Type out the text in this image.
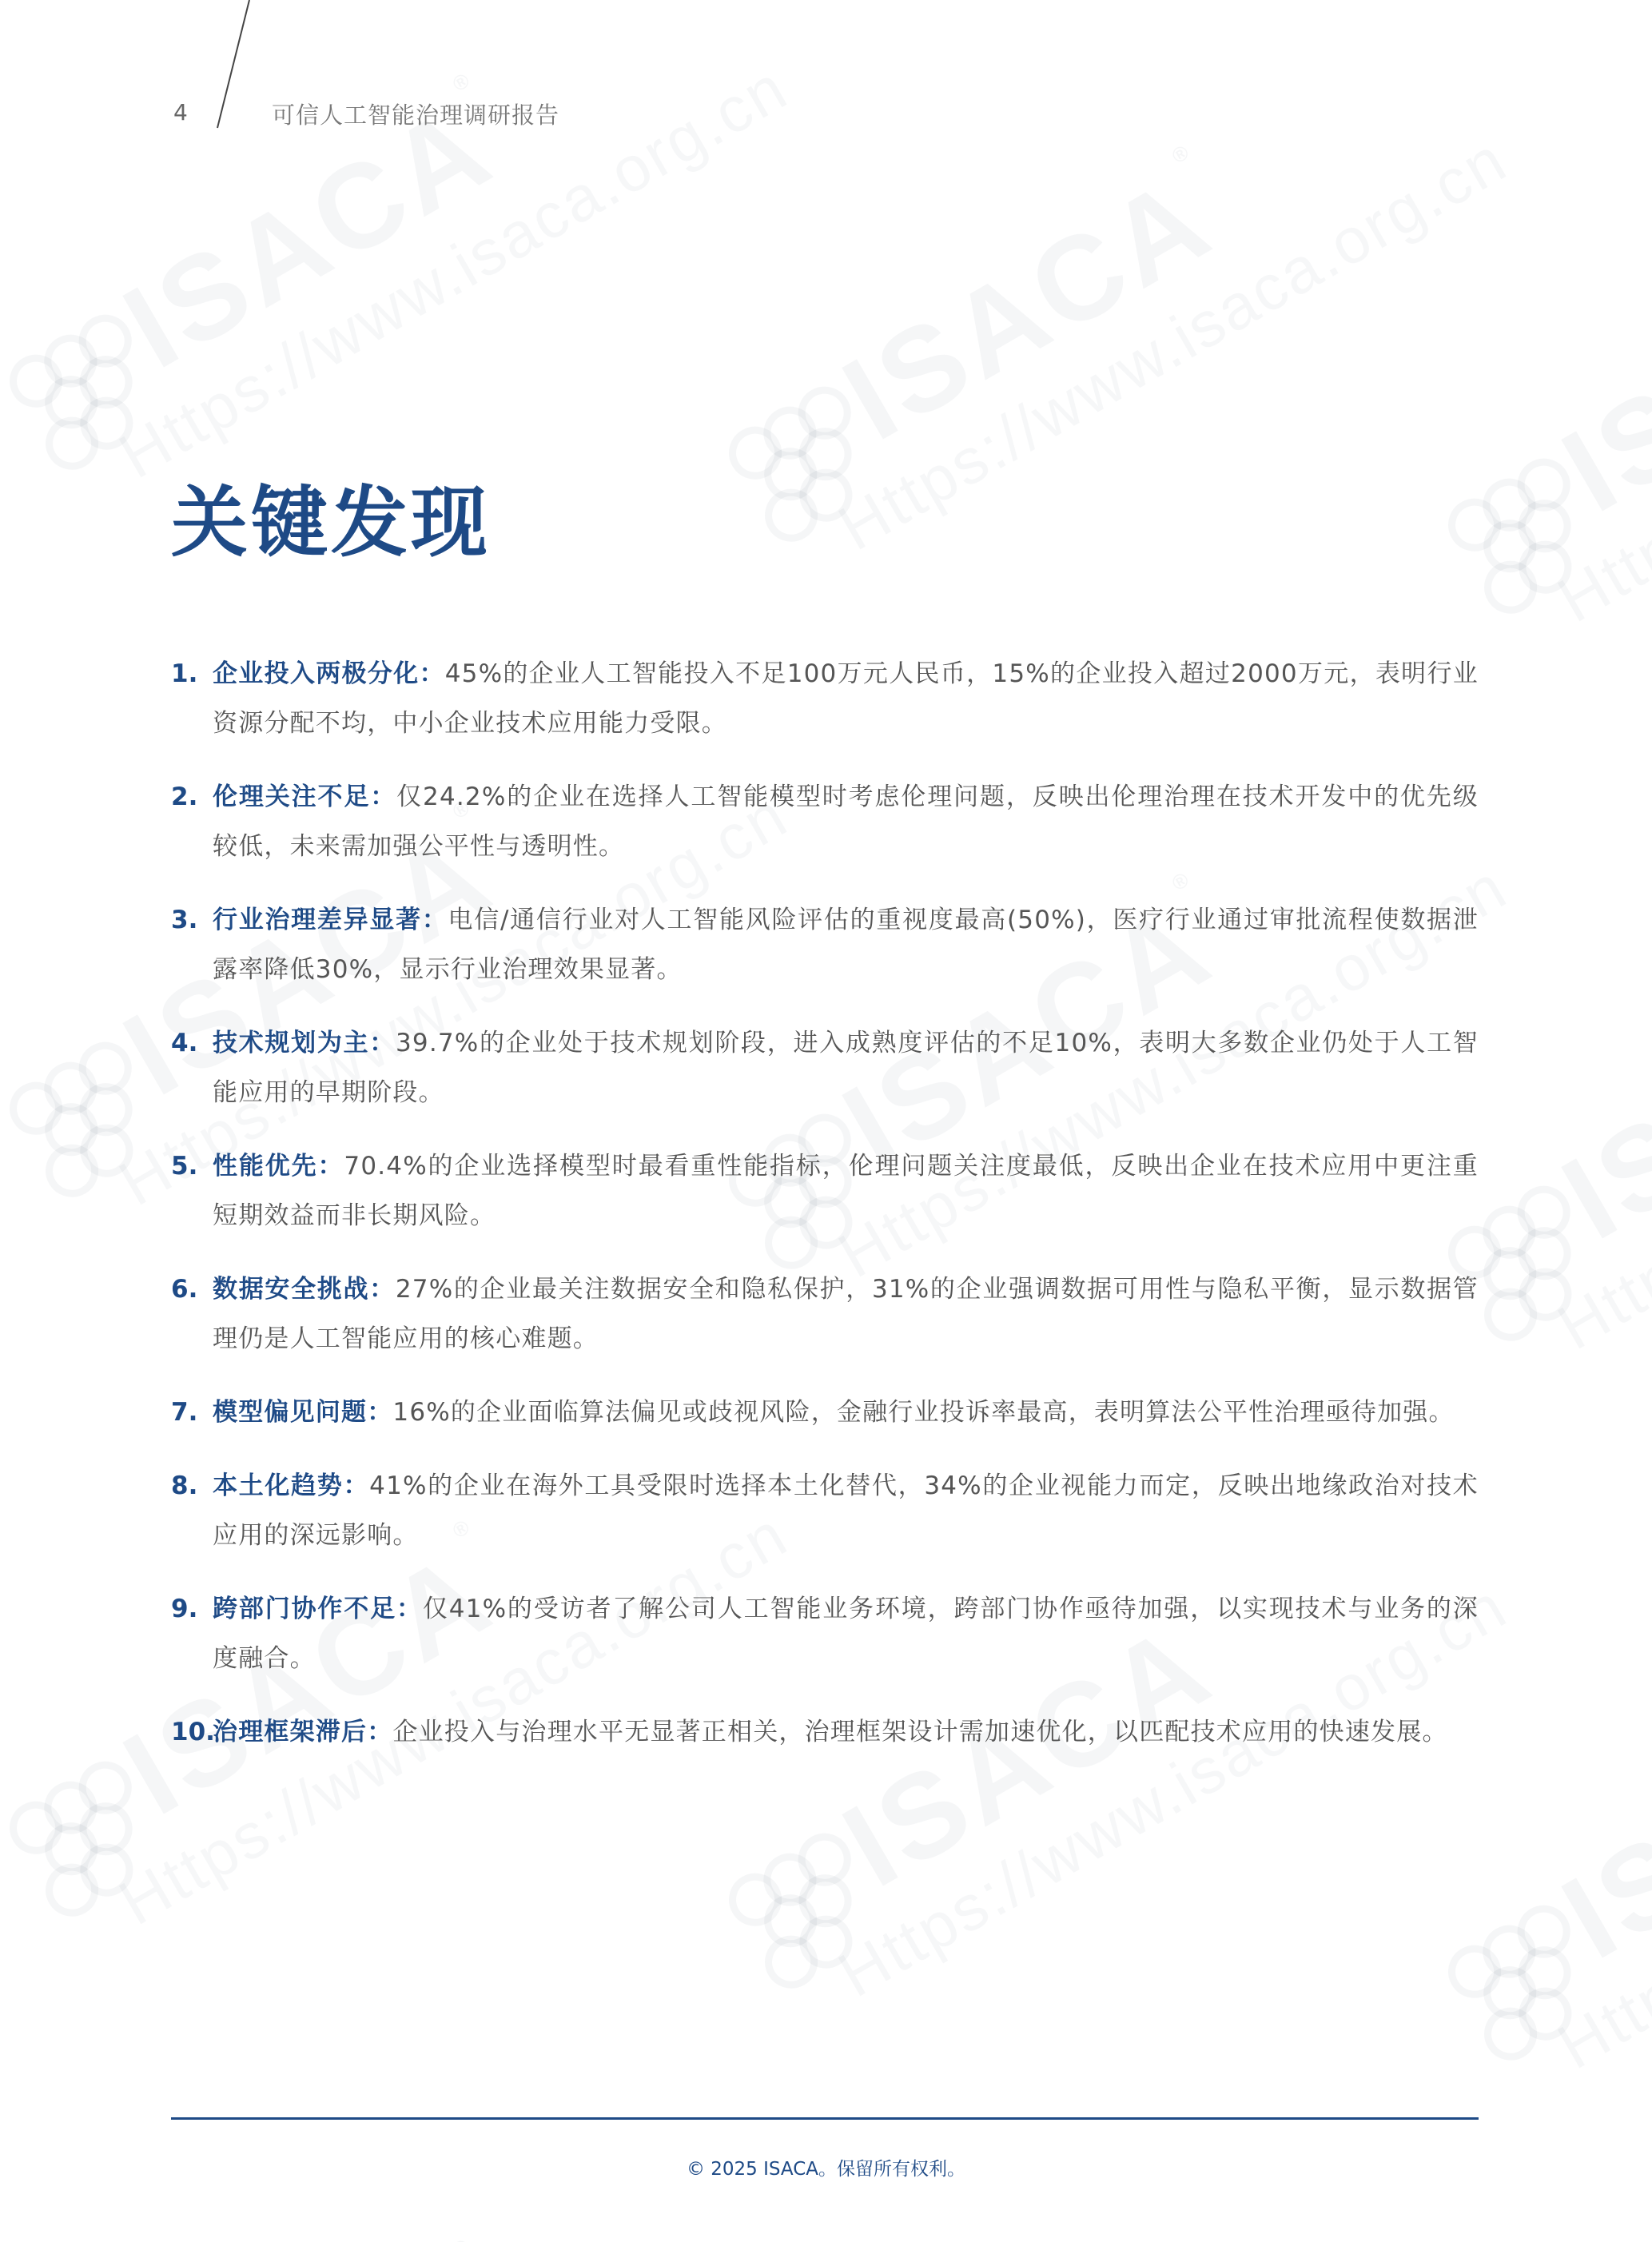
4	可信人工智能治理调研报告
关键发现
1. 企业投入两极分化：45%的企业人工智能投入不足100万元人民币，15%的企业投入超过2000万元，表明行业资源分配不均，中小企业技术应用能力受限。
2. 伦理关注不足：仅24.2%的企业在选择人工智能模型时考虑伦理问题，反映出伦理治理在技术开发中的优先级较低，未来需加强公平性与透明性。
3. 行业治理差异显著：电信/通信行业对人工智能风险评估的重视度最高(50%)，医疗行业通过审批流程使数据泄露率降低30%，显示行业治理效果显著。
4. 技术规划为主：39.7%的企业处于技术规划阶段，进入成熟度评估的不足10%，表明大多数企业仍处于人工智能应用的早期阶段。
5. 性能优先：70.4%的企业选择模型时最看重性能指标，伦理问题关注度最低，反映出企业在技术应用中更注重短期效益而非长期风险。
6. 数据安全挑战：27%的企业最关注数据安全和隐私保护，31%的企业强调数据可用性与隐私平衡，显示数据管理仍是人工智能应用的核心难题。
7. 模型偏见问题：16%的企业面临算法偏见或歧视风险，金融行业投诉率最高，表明算法公平性治理亟待加强。
8. 本土化趋势：41%的企业在海外工具受限时选择本土化替代，34%的企业视能力而定，反映出地缘政治对技术应用的深远影响。
9. 跨部门协作不足：仅41%的受访者了解公司人工智能业务环境，跨部门协作亟待加强，以实现技术与业务的深度融合。
10.
治理框架滞后：企业投入与治理水平无显著正相关，治理框架设计需加速优化，以匹配技术应用的快速发展。
© 2025 ISACA。保留所有权利。
